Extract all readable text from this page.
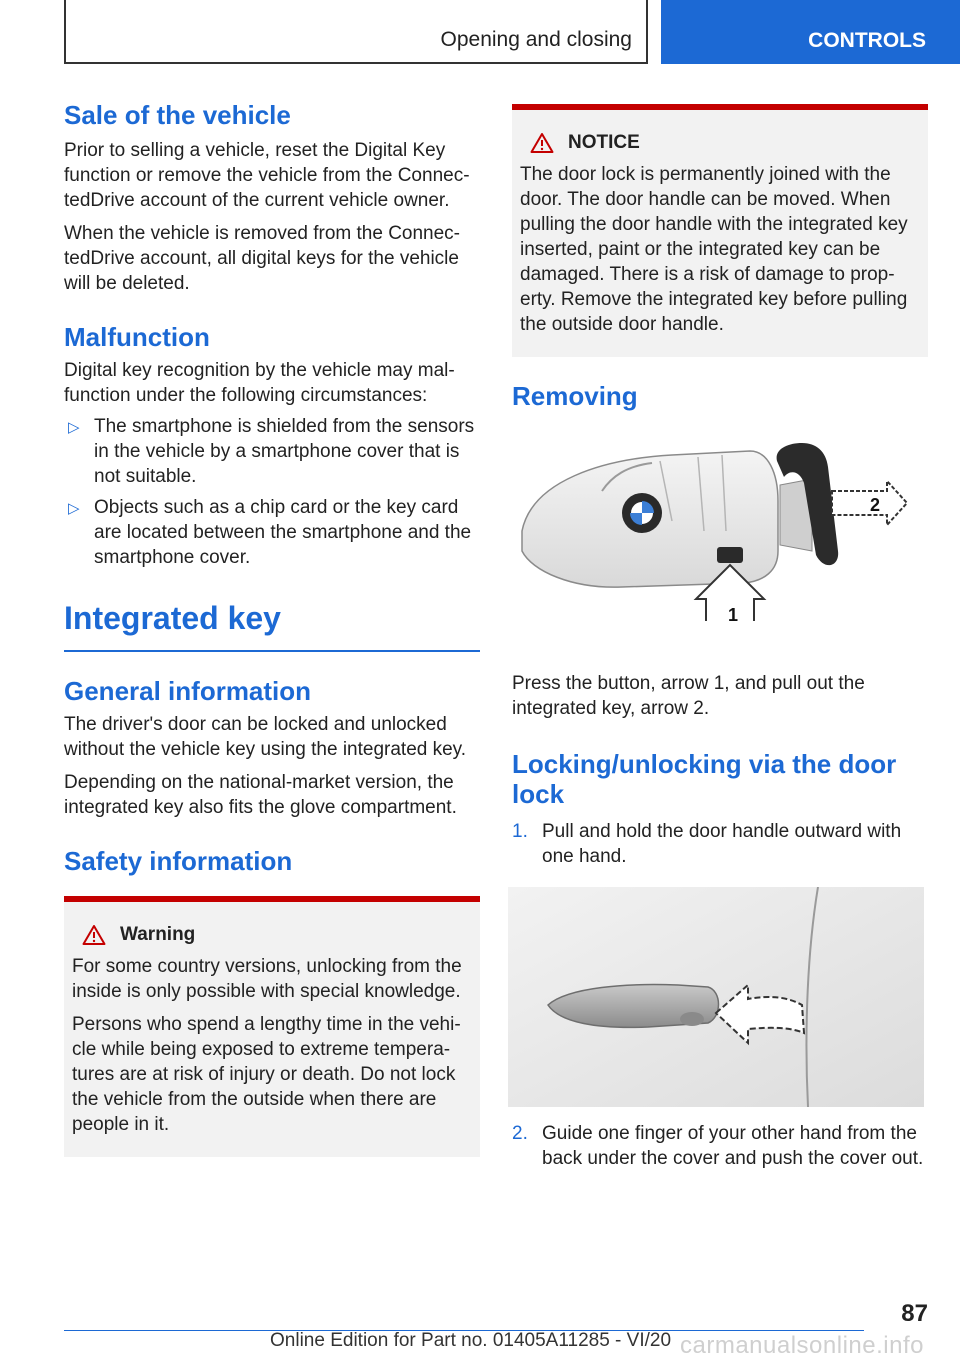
Opening and closing	CONTROLS
Sale of the vehicle

Prior to selling a vehicle, reset the Digital Key function or remove the vehicle from the Connec‐ tedDrive account of the current vehicle owner.

When the vehicle is removed from the Connec‐ tedDrive account, all digital keys for the vehicle will be deleted.

Malfunction

Digital key recognition by the vehicle may mal‐ function under the following circumstances:

▷ The smartphone is shielded from the sensors in the vehicle by a smartphone cover that is not suitable.
▷ Objects such as a chip card or the key card are located between the smartphone and the smartphone cover.
Integrated key
General information

The driver's door can be locked and unlocked without the vehicle key using the integrated key.

Depending on the national-market version, the integrated key also fits the glove compartment.

Safety information
Warning

For some country versions, unlocking from the inside is only possible with special knowledge.

Persons who spend a lengthy time in the vehi‐ cle while being exposed to extreme tempera‐ tures are at risk of injury or death. Do not lock the vehicle from the outside when there are people in it.

NOTICE

The door lock is permanently joined with the door. The door handle can be moved. When pulling the door handle with the integrated key inserted, paint or the integrated key can be damaged. There is a risk of damage to prop‐ erty. Remove the integrated key before pulling the outside door handle.

Removing
2
1

Press the button, arrow 1, and pull out the integrated key, arrow 2.

Locking/unlocking via the door lock
1. Pull and hold the door handle outward with one hand.
2. Guide one finger of your other hand from the back under the cover and push the cover out.
87
Online Edition for Part no. 01405A11285 - VI/20 carmanualsonline.info
